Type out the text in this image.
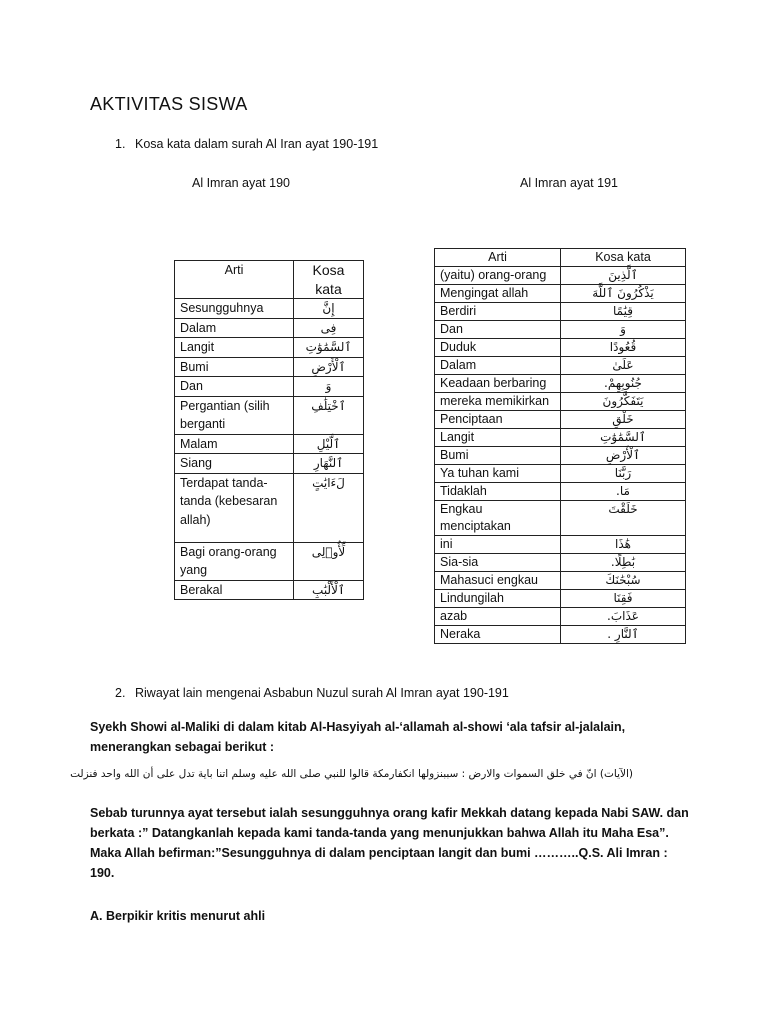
AKTIVITAS SISWA
1. Kosa kata dalam surah Al Iran ayat 190-191
Al Imran ayat 190	Al Imran ayat 191
Arti	Kosa kata
Sesungguhnya	إِنَّ
Dalam	فِى
Langit	ٱلسَّمَٰوَٰتِ
Bumi	ٱلْأَرْضِ
Dan	وَ
Pergantian (silih berganti	ٱخْتِلَٰفِ
Malam	ٱلَّيْلِ
Siang	ٱلنَّهَارِ
Terdapat tanda-tanda (kebesaran allah)	لَءَايَٰتٍ
Bagi orang-orang yang	لِّأُو۟لِى
Berakal	ٱلْأَلْبَٰبِ
Arti	Kosa kata
(yaitu) orang-orang	ٱلَّذِينَ
Mengingat allah	يَذْكُرُونَ ٱللَّهَ
Berdiri	قِيَٰمًا
Dan	وَ
Duduk	قُعُودًا
Dalam	عَلَىٰ
Keadaan berbaring	جُنُوبِهِمْ.
mereka memikirkan	يَتَفَكَّرُونَ
Penciptaan	خَلْقِ
Langit	ٱلسَّمَٰوَٰتِ
Bumi	ٱلْأَرْضِ
Ya tuhan kami	رَبَّنَا
Tidaklah	مَا.
Engkau menciptakan	خَلَقْتَ
ini	هَٰذَا
Sia-sia	بَٰطِلًا.
Mahasuci engkau	سُبْحَٰنَكَ
Lindungilah	فَقِنَا
azab	عَذَابَ.
Neraka	ٱلنَّارِ .
2. Riwayat lain mengenai Asbabun Nuzul surah Al Imran ayat 190-191
Syekh Showi al-Maliki di dalam kitab Al-Hasyiyah al-‘allamah al-showi ‘ala tafsir al-jalalain, menerangkan sebagai berikut :
(الآيات) انّ في خلق السموات والارض : سببنزولها انكفارمكة قالوا للنبي صلى الله عليه وسلم اتنا باية تدل على أن الله واحد فنزلت
Sebab turunnya ayat tersebut ialah sesungguhnya orang kafir Mekkah datang kepada Nabi SAW. dan berkata :” Datangkanlah kepada kami tanda-tanda yang menunjukkan bahwa Allah itu Maha Esa”. Maka Allah befirman:”Sesungguhnya di dalam penciptaan langit dan bumi ………..Q.S. Ali Imran : 190.
A. Berpikir kritis menurut ahli
